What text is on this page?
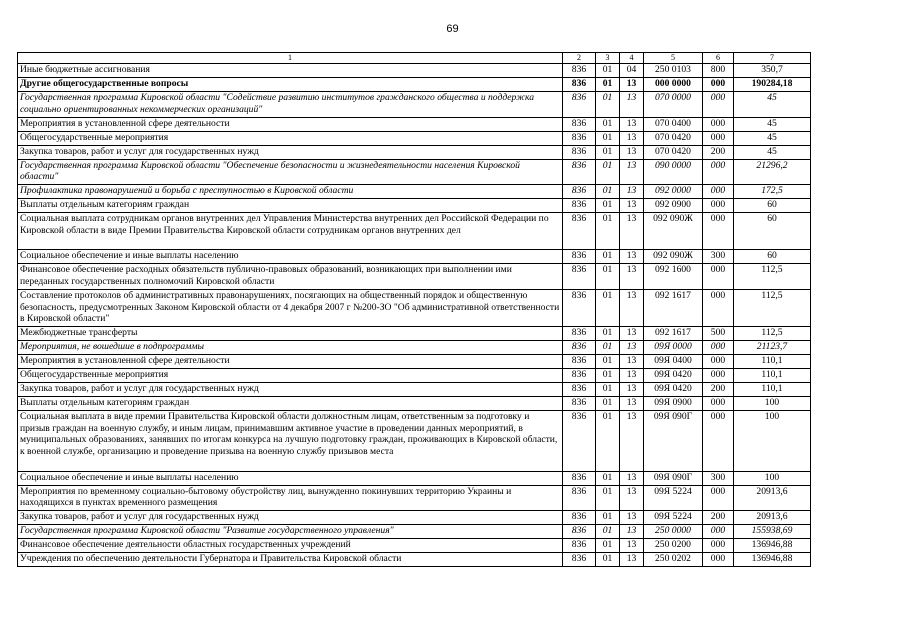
69
1	2	3	4	5	6	7
Иные бюджетные ассигнования	836	01	04	250 0103	800	350,7
Другие общегосударственные вопросы	836	01	13	000 0000	000	190284,18
Государственная программа Кировской области "Содействие развитию институтов гражданского общества и поддержка социально ориентированных некоммерческих организаций"	836	01	13	070 0000	000	45
Мероприятия в установленной сфере деятельности	836	01	13	070 0400	000	45
Общегосударственные мероприятия	836	01	13	070 0420	000	45
Закупка товаров, работ и услуг для государственных нужд	836	01	13	070 0420	200	45
Государственная программа Кировской области "Обеспечение безопасности и жизнедеятельности населения Кировской области"	836	01	13	090 0000	000	21296,2
Профилактика правонарушений и борьба с преступностью в Кировской области	836	01	13	092 0000	000	172,5
Выплаты отдельным категориям граждан	836	01	13	092 0900	000	60
Социальная выплата сотрудникам органов внутренних дел Управления Министерства внутренних дел Российской Федерации по Кировской области в виде Премии Правительства Кировской области сотрудникам органов внутренних дел	836	01	13	092 090Ж	000	60
Социальное обеспечение и иные выплаты населению	836	01	13	092 090Ж	300	60
Финансовое обеспечение расходных обязательств публично-правовых образований, возникающих при выполнении ими переданных государственных полномочий Кировской области	836	01	13	092 1600	000	112,5
Составление протоколов об административных правонарушениях, посягающих на общественный порядок и общественную безопасность, предусмотренных Законом Кировской области от 4 декабря 2007 г №200-ЗО "Об административной ответственности в Кировской области"	836	01	13	092 1617	000	112,5
Межбюджетные трансферты	836	01	13	092 1617	500	112,5
Мероприятия, не вошедшие в подпрограммы	836	01	13	09Я 0000	000	21123,7
Мероприятия в установленной сфере деятельности	836	01	13	09Я 0400	000	110,1
Общегосударственные мероприятия	836	01	13	09Я 0420	000	110,1
Закупка товаров, работ и услуг для государственных нужд	836	01	13	09Я 0420	200	110,1
Выплаты отдельным категориям граждан	836	01	13	09Я 0900	000	100
Социальная выплата в виде премии Правительства Кировской области должностным лицам, ответственным за подготовку и призыв граждан на военную службу, и иным лицам, принимавшим активное участие в проведении данных мероприятий, в муниципальных образованиях, занявших по итогам конкурса на лучшую подготовку граждан, проживающих в Кировской области, к военной службе, организацию и проведение призыва на военную службу призывов места	836	01	13	09Я 090Г	000	100
Социальное обеспечение и иные выплаты населению	836	01	13	09Я 090Г	300	100
Мероприятия по временному социально-бытовому обустройству лиц, вынужденно покинувших территорию Украины и находящихся в пунктах временного размещения	836	01	13	09Я 5224	000	20913,6
Закупка товаров, работ и услуг для государственных нужд	836	01	13	09Я 5224	200	20913,6
Государственная программа Кировской области "Развитие государственного управления"	836	01	13	250 0000	000	155938,69
Финансовое обеспечение деятельности областных государственных учреждений	836	01	13	250 0200	000	136946,88
Учреждения по обеспечению деятельности Губернатора и Правительства Кировской области	836	01	13	250 0202	000	136946,88
